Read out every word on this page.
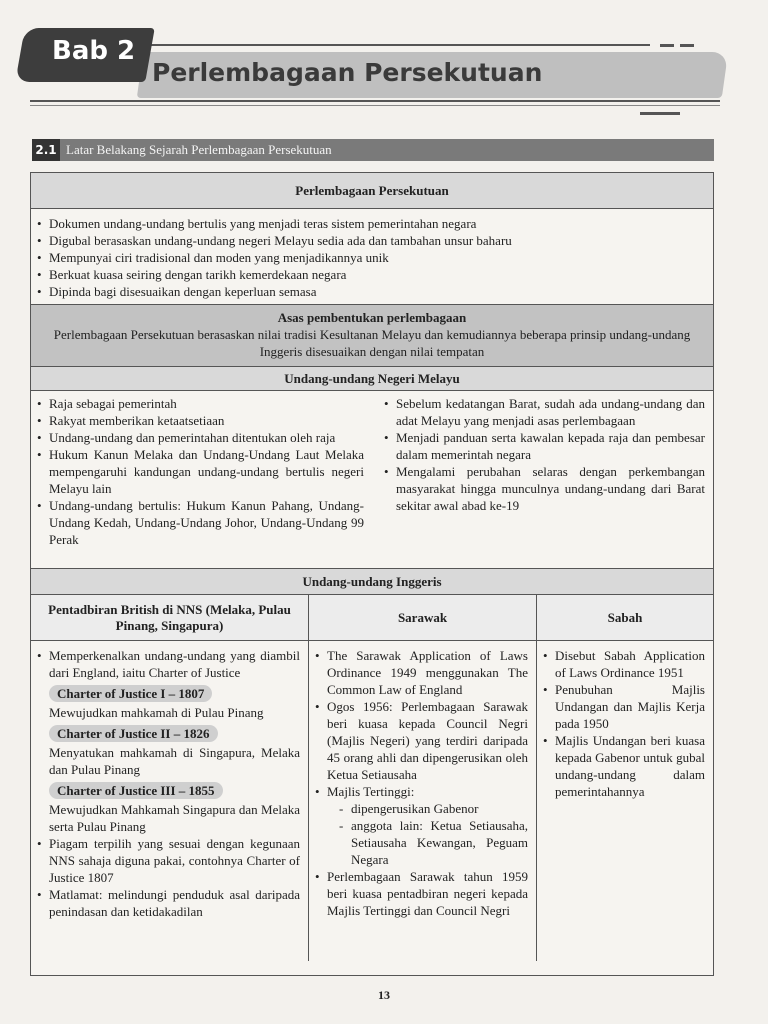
Bab 2
Perlembagaan Persekutuan
2.1 Latar Belakang Sejarah Perlembagaan Persekutuan
Perlembagaan Persekutuan
• Dokumen undang-undang bertulis yang menjadi teras sistem pemerintahan negara
• Digubal berasaskan undang-undang negeri Melayu sedia ada dan tambahan unsur baharu
• Mempunyai ciri tradisional dan moden yang menjadikannya unik
• Berkuat kuasa seiring dengan tarikh kemerdekaan negara
• Dipinda bagi disesuaikan dengan keperluan semasa
Asas pembentukan perlembagaan
Perlembagaan Persekutuan berasaskan nilai tradisi Kesultanan Melayu dan kemudiannya beberapa prinsip undang-undang Inggeris disesuaikan dengan nilai tempatan
Undang-undang Negeri Melayu
• Raja sebagai pemerintah
• Rakyat memberikan ketaatsetiaan
• Undang-undang dan pemerintahan ditentukan oleh raja
• Hukum Kanun Melaka dan Undang-Undang Laut Melaka mempengaruhi kandungan undang-undang bertulis negeri Melayu lain
• Undang-undang bertulis: Hukum Kanun Pahang, Undang-Undang Kedah, Undang-Undang Johor, Undang-Undang 99 Perak
• Sebelum kedatangan Barat, sudah ada undang-undang dan adat Melayu yang menjadi asas perlembagaan
• Menjadi panduan serta kawalan kepada raja dan pembesar dalam memerintah negara
• Mengalami perubahan selaras dengan perkembangan masyarakat hingga munculnya undang-undang dari Barat sekitar awal abad ke-19
Undang-undang Inggeris
Pentadbiran British di NNS (Melaka, Pulau Pinang, Singapura)
• Memperkenalkan undang-undang yang diambil dari England, iaitu Charter of Justice
Charter of Justice I – 1807
Mewujudkan mahkamah di Pulau Pinang
Charter of Justice II – 1826
Menyatukan mahkamah di Singapura, Melaka dan Pulau Pinang
Charter of Justice III – 1855
Mewujudkan Mahkamah Singapura dan Melaka serta Pulau Pinang
• Piagam terpilih yang sesuai dengan kegunaan NNS sahaja diguna pakai, contohnya Charter of Justice 1807
• Matlamat: melindungi penduduk asal daripada penindasan dan ketidakadilan
Sarawak
• The Sarawak Application of Laws Ordinance 1949 menggunakan The Common Law of England
• Ogos 1956: Perlembagaan Sarawak beri kuasa kepada Council Negri (Majlis Negeri) yang terdiri daripada 45 orang ahli dan dipengerusikan oleh Ketua Setiausaha
• Majlis Tertinggi:
- dipengerusikan Gabenor
- anggota lain: Ketua Setiausaha, Setiausaha Kewangan, Peguam Negara
• Perlembagaan Sarawak tahun 1959 beri kuasa pentadbiran negeri kepada Majlis Tertinggi dan Council Negri
Sabah
• Disebut Sabah Application of Laws Ordinance 1951
• Penubuhan Majlis Undangan dan Majlis Kerja pada 1950
• Majlis Undangan beri kuasa kepada Gabenor untuk gubal undang-undang dalam pemerintahannya
13
